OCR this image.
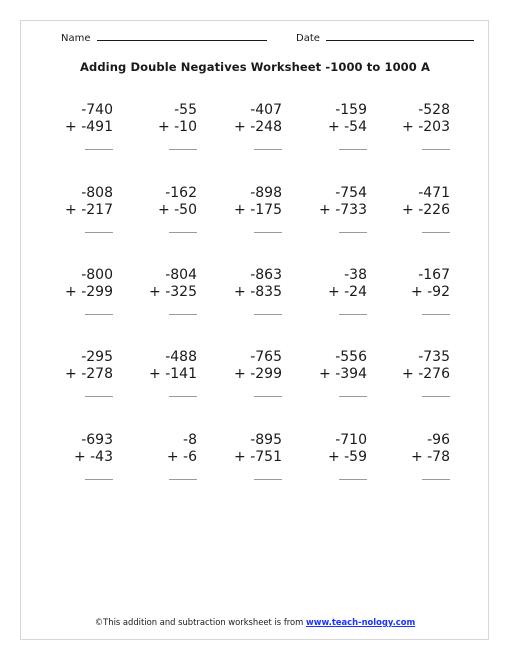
Name	Date
Adding Double Negatives Worksheet -1000 to 1000 A
-740
+ -491
-55
+ -10
-407
+ -248
-159
+ -54
-528
+ -203
-808
+ -217
-162
+ -50
-898
+ -175
-754
+ -733
-471
+ -226
-800
+ -299
-804
+ -325
-863
+ -835
-38
+ -24
-167
+ -92
-295
+ -278
-488
+ -141
-765
+ -299
-556
+ -394
-735
+ -276
-693
+ -43
-8
+ -6
-895
+ -751
-710
+ -59
-96
+ -78
©This addition and subtraction worksheet is from www.teach-nology.com
